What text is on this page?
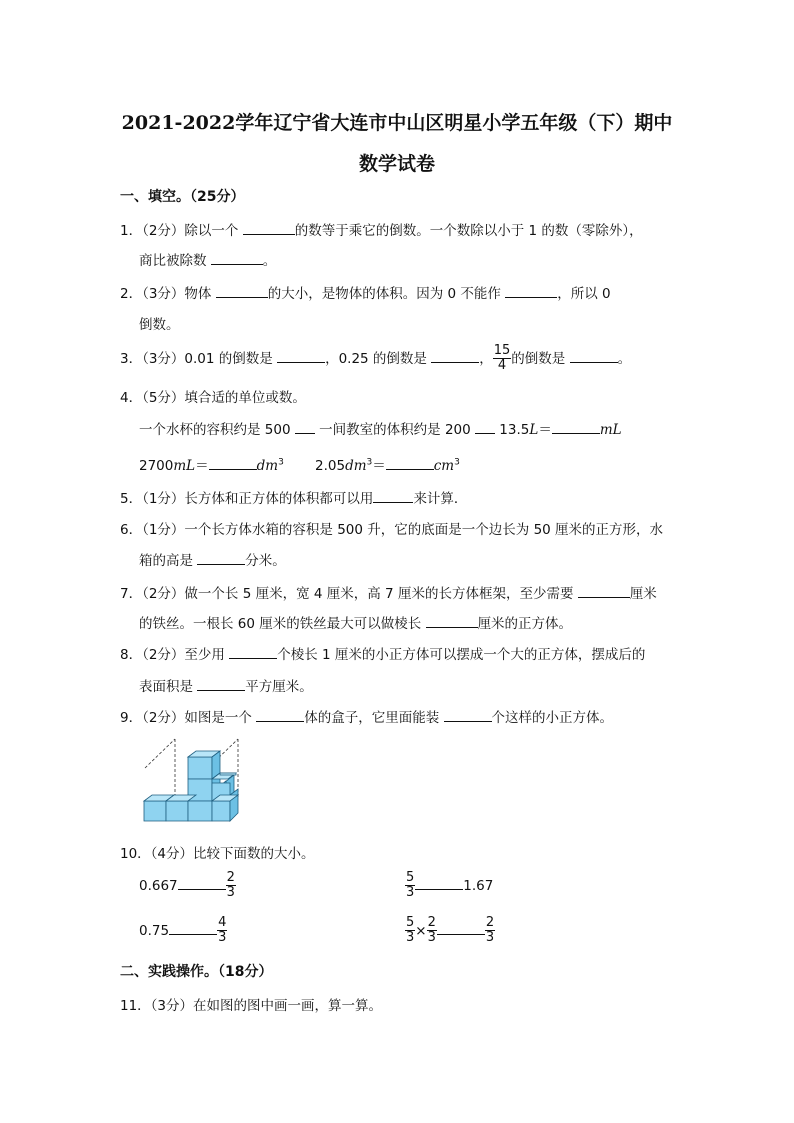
2021-2022学年辽宁省大连市中山区明星小学五年级（下）期中
数学试卷
一、填空。（25分）
1．（2分）除以一个	的数等于乘它的倒数。一个数除以小于 1 的数（零除外），
商比被除数	。
2．（3分）物体	的大小，是物体的体积。因为 0 不能作	，所以 0
倒数。
3．（3分）0.01 的倒数是	，0.25 的倒数是	， $\frac{15}{4}$ 的倒数是	。
4．（5分）填合适的单位或数。
一个水杯的容积约是 500  一间教室的体积约是 200  13.5L＝	mL
2700mL＝	$dm^3$ $2.05dm^3=$	$cm^3$
5．（1分）长方体和正方体的体积都可以用	来计算．
6．（1分）一个长方体水箱的容积是 500 升，它的底面是一个边长为 50 厘米的正方形，水
箱的高是	分米。
7．（2分）做一个长 5 厘米，宽 4 厘米，高 7 厘米的长方体框架，至少需要	厘米
的铁丝。一根长 60 厘米的铁丝最大可以做棱长	厘米的正方体。
8．（2分）至少用	个棱长 1 厘米的小正方体可以摆成一个大的正方体，摆成后的
表面积是	平方厘米。
9．（2分）如图是一个	体的盒子，它里面能装	个这样的小正方体。
10．（4分）比较下面数的大小。
0.667	$\frac{2}{3}$	$\frac{5}{3}$	1.67
0.75	$\frac{4}{3}$	$\frac{5}{3} \times \frac{2}{3}$	$\frac{2}{3}$
二、实践操作。（18分）
11．（3分）在如图的图中画一画，算一算。
